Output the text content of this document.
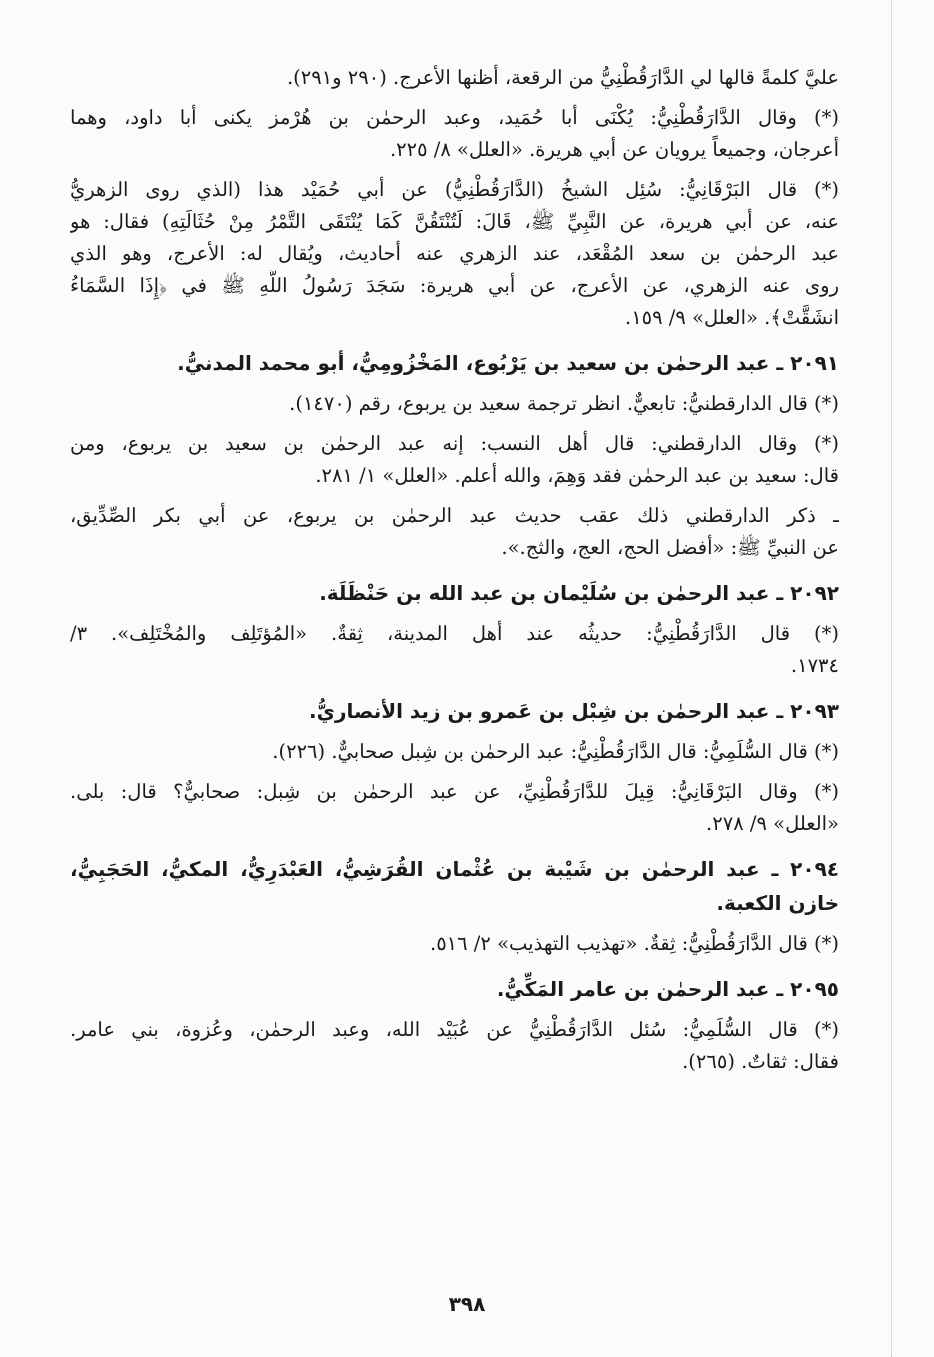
عليَّ كلمةً قالها لي الدَّارَقُطْنِيُّ من الرقعة، أظنها الأعرج. (٢٩٠ و٢٩١).
(*) وقال الدَّارَقُطْنِيُّ: يُكْنَى أبا حُمَيد، وعبد الرحمٰن بن هُرْمز يكنى أبا داود، وهما
أعرجان، وجميعاً يرويان عن أبي هريرة. «العلل» ٨/ ٢٢٥.
(*) قال البَرْقَانِيُّ: سُئِل الشيخُ (الدَّارَقُطْنِيُّ) عن أبي حُمَيْد هذا (الذي روى الزهريُّ
عنه، عن أبي هريرة، عن النَّبِيِّ ﷺ، قَالَ: لَتُنْتَقُنَّ كَمَا يُنْتَقَى التَّمْرُ مِنْ حُثَالَتِهِ) فقال: هو
عبد الرحمٰن بن سعد المُقْعَد، عند الزهري عنه أحاديث، ويُقال له: الأعرج، وهو الذي
روى عنه الزهري، عن الأعرج، عن أبي هريرة: سَجَدَ رَسُولُ اللَّهِ ﷺ في ﴿إِذَا السَّمَاءُ
انشَقَّتْ﴾. «العلل» ٩/ ١٥٩.
٢٠٩١ ـ عبد الرحمٰن بن سعيد بن يَرْبُوع، المَخْزُومِيُّ، أبو محمد المدنيُّ.
(*) قال الدارقطنيُّ: تابعيٌّ. انظر ترجمة سعيد بن يربوع، رقم (١٤٧٠).
(*) وقال الدارقطني: قال أهل النسب: إنه عبد الرحمٰن بن سعيد بن يربوع، ومن
قال: سعيد بن عبد الرحمٰن فقد وَهِمَ، والله أعلم. «العلل» ١/ ٢٨١.
ـ ذكر الدارقطني ذلك عقب حديث عبد الرحمٰن بن يربوع، عن أبي بكر الصِّدِّيق،
عن النبيِّ ﷺ: «أفضل الحج، العج، والثج.».
٢٠٩٢ ـ عبد الرحمٰن بن سُلَيْمان بن عبد الله بن حَنْظَلَة.
(*) قال الدَّارَقُطْنِيُّ: حديثُه عند أهل المدينة، ثِقةٌ. «المُؤتَلِف والمُخْتَلِف». ٣/
١٧٣٤.
٢٠٩٣ ـ عبد الرحمٰن بن شِبْل بن عَمرو بن زيد الأنصاريُّ.
(*) قال السُّلَمِيُّ: قال الدَّارَقُطْنِيُّ: عبد الرحمٰن بن شِبل صحابيٌّ. (٢٢٦).
(*) وقال البَرْقَانِيُّ: قِيلَ للدَّارَقُطْنِيِّ، عن عبد الرحمٰن بن شِبل: صحابيٌّ؟ قال: بلى.
«العلل» ٩/ ٢٧٨.
٢٠٩٤ ـ عبد الرحمٰن بن شَيْبة بن عُثْمان القُرَشِيُّ، العَبْدَرِيُّ، المكيُّ، الحَجَبِيُّ،
خازن الكعبة.
(*) قال الدَّارَقُطْنِيُّ: ثِقةٌ. «تهذيب التهذيب» ٢/ ٥١٦.
٢٠٩٥ ـ عبد الرحمٰن بن عامر المَكِّيُّ.
(*) قال السُّلَمِيُّ: سُئل الدَّارَقُطْنِيُّ عن عُبَيْد الله، وعبد الرحمٰن، وعُزوة، بني عامر.
فقال: ثقاتٌ. (٢٦٥).
٣٩٨
